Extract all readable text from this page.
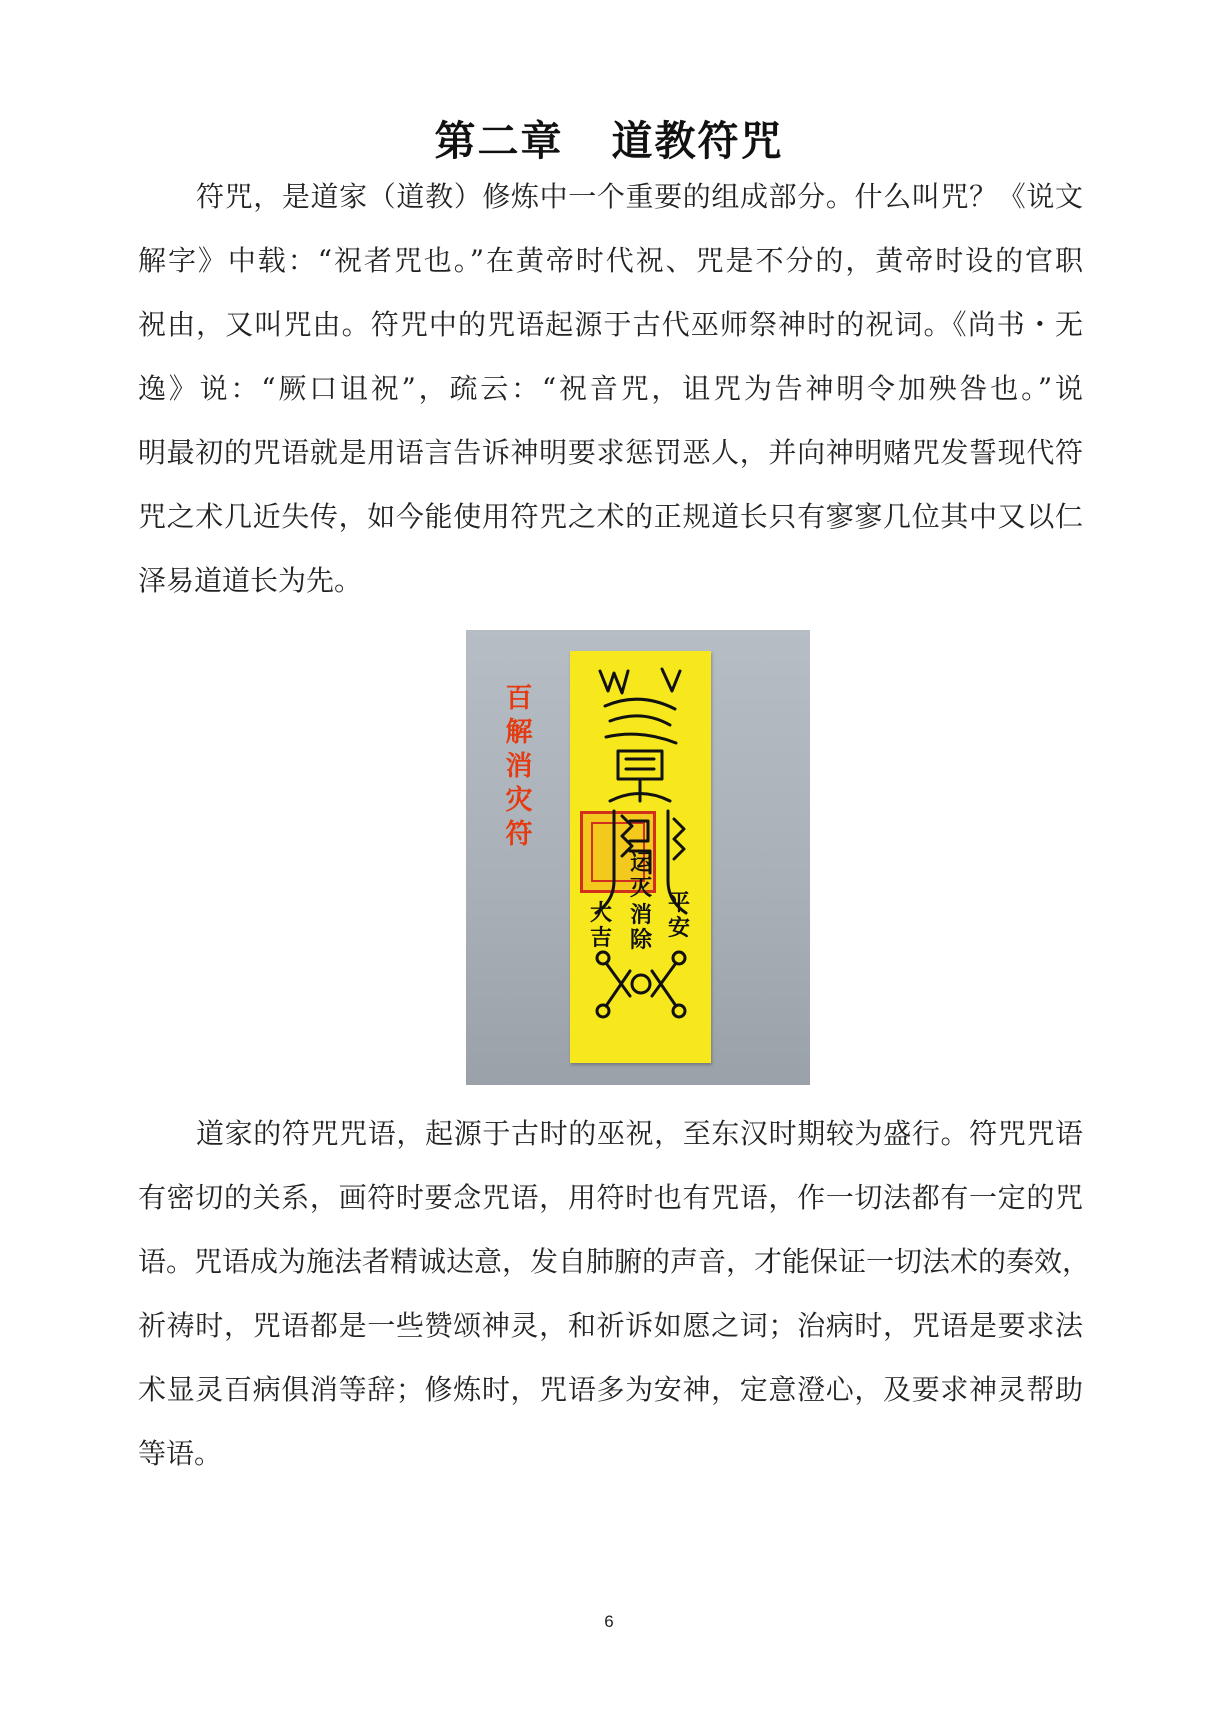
第二章 道教符咒
符咒，是道家（道教）修炼中一个重要的组成部分。什么叫咒？《说文
解字》中载：“祝者咒也。”在黄帝时代祝、咒是不分的，黄帝时设的官职
祝由，又叫咒由。符咒中的咒语起源于古代巫师祭神时的祝词。《尚书・无
逸》说：“厥口诅祝”，疏云：“祝音咒，诅咒为告神明令加殃咎也。”说
明最初的咒语就是用语言告诉神明要求惩罚恶人，并向神明赌咒发誓现代符
咒之术几近失传，如今能使用符咒之术的正规道长只有寥寥几位其中又以仁
泽易道道长为先。
百解消灾符
运灭
消除
平安
大吉
道家的符咒咒语，起源于古时的巫祝，至东汉时期较为盛行。符咒咒语
有密切的关系，画符时要念咒语，用符时也有咒语，作一切法都有一定的咒
语。咒语成为施法者精诚达意，发自肺腑的声音，才能保证一切法术的奏效，
祈祷时，咒语都是一些赞颂神灵，和祈诉如愿之词；治病时，咒语是要求法
术显灵百病俱消等辞；修炼时，咒语多为安神，定意澄心，及要求神灵帮助
等语。
6
